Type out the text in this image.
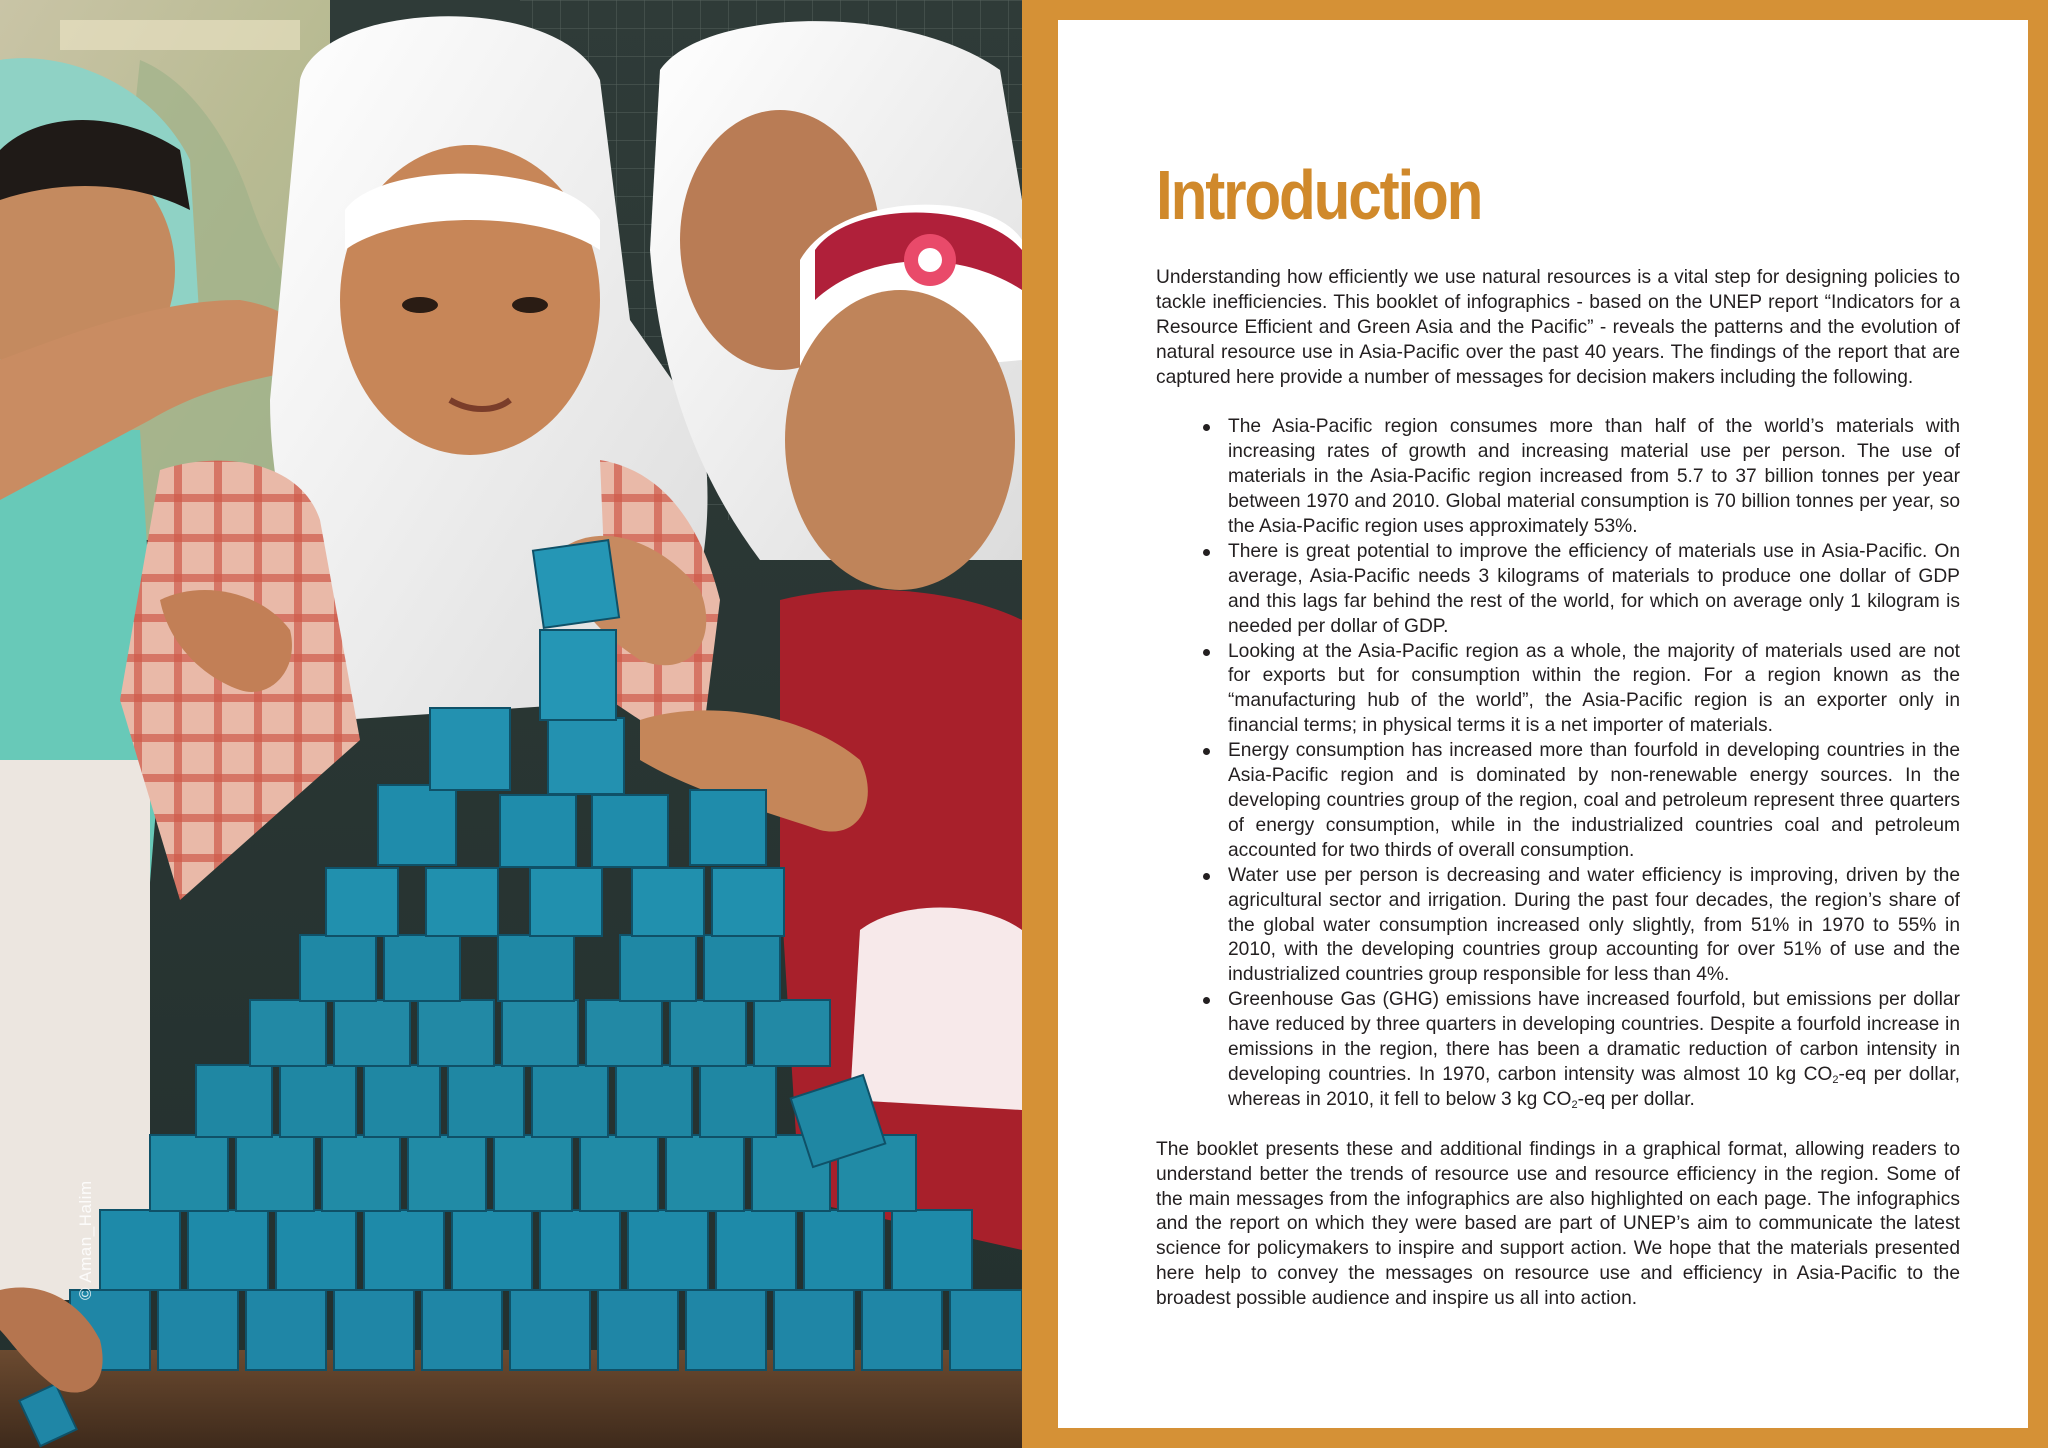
© Aman_Halim
Introduction

Understanding how efficiently we use natural resources is a vital step for designing policies to tackle inefficiencies. This booklet of infographics - based on the UNEP report “Indicators for a Resource Efficient and Green Asia and the Pacific” - reveals the patterns and the evolution of natural resource use in Asia-Pacific over the past 40 years. The findings of the report that are captured here provide a number of messages for decision makers including the following.

The Asia-Pacific region consumes more than half of the world’s materials with increasing rates of growth and increasing material use per person. The use of materials in the Asia-Pacific region increased from 5.7 to 37 billion tonnes per year between 1970 and 2010. Global material consumption is 70 billion tonnes per year, so the Asia-Pacific region uses approximately 53%.
There is great potential to improve the efficiency of materials use in Asia-Pacific. On average, Asia-Pacific needs 3 kilograms of materials to produce one dollar of GDP and this lags far behind the rest of the world, for which on average only 1 kilogram is needed per dollar of GDP.
Looking at the Asia-Pacific region as a whole, the majority of materials used are not for exports but for consumption within the region. For a region known as the “manufacturing hub of the world”, the Asia-Pacific region is an exporter only in financial terms; in physical terms it is a net importer of materials.
Energy consumption has increased more than fourfold in developing countries in the Asia-Pacific region and is dominated by non-renewable energy sources. In the developing countries group of the region, coal and petroleum represent three quarters of energy consumption, while in the industrialized countries coal and petroleum accounted for two thirds of overall consumption.
Water use per person is decreasing and water efficiency is improving, driven by the agricultural sector and irrigation. During the past four decades, the region’s share of the global water consumption increased only slightly, from 51% in 1970 to 55% in 2010, with the developing countries group accounting for over 51% of use and the industrialized countries group responsible for less than 4%.
Greenhouse Gas (GHG) emissions have increased fourfold, but emissions per dollar have reduced by three quarters in developing countries. Despite a fourfold increase in emissions in the region, there has been a dramatic reduction of carbon intensity in developing countries. In 1970, carbon intensity was almost 10 kg $CO_2-eq$ per dollar, whereas in 2010, it fell to below 3 kg $CO_2-eq$ per dollar.

The booklet presents these and additional findings in a graphical format, allowing readers to understand better the trends of resource use and resource efficiency in the region. Some of the main messages from the infographics are also highlighted on each page. The infographics and the report on which they were based are part of UNEP’s aim to communicate the latest science for policymakers to inspire and support action. We hope that the materials presented here help to convey the messages on resource use and efficiency in Asia-Pacific to the broadest possible audience and inspire us all into action.
